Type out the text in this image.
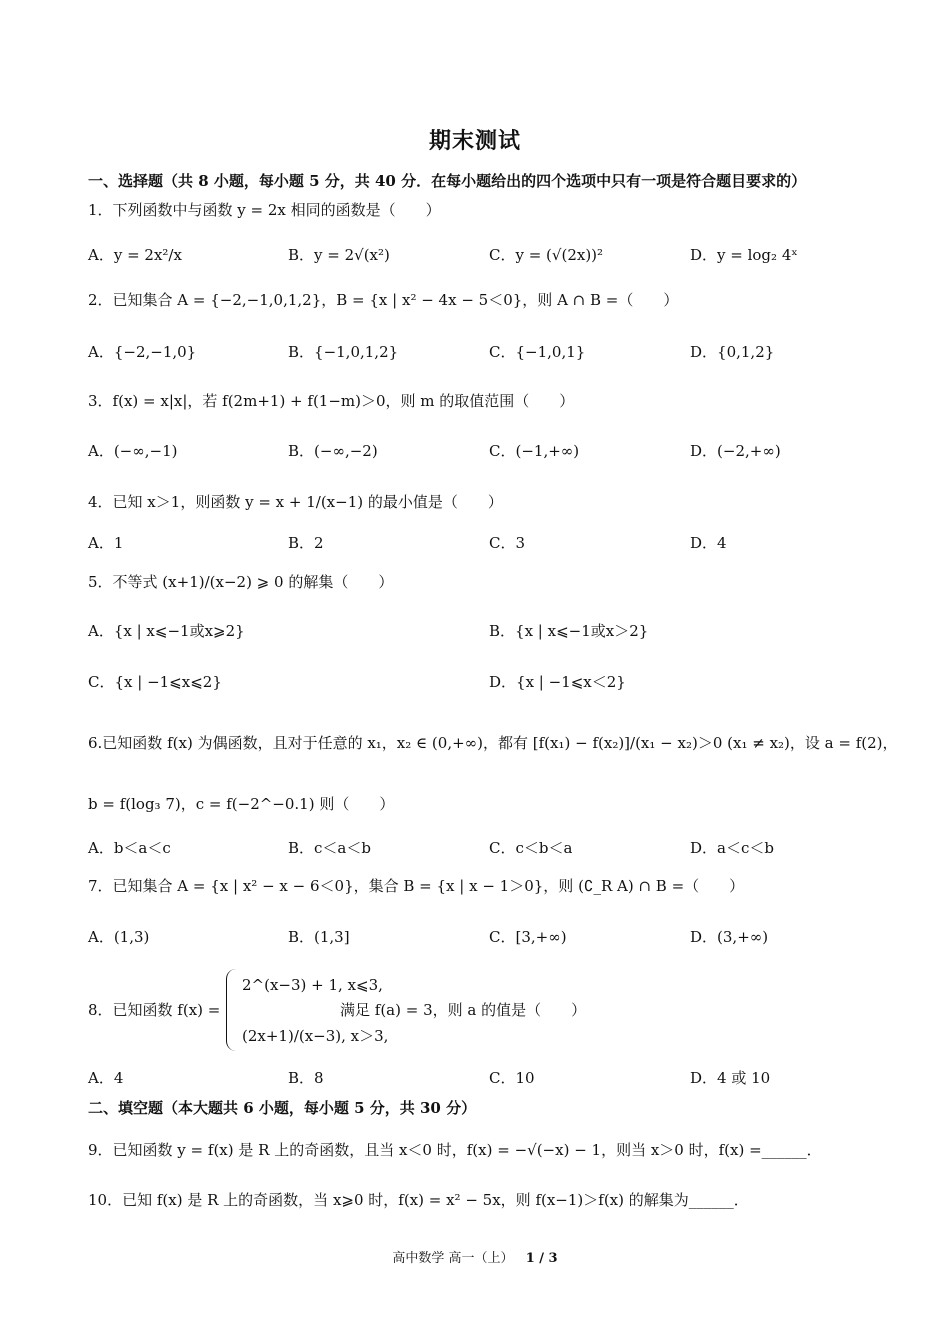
期末测试
一、选择题（共 8 小题，每小题 5 分，共 40 分．在每小题给出的四个选项中只有一项是符合题目要求的）
1．下列函数中与函数 y = 2x 相同的函数是（　　）
A．y = 2x²/x	B．y = 2√(x²)	C．y = (√(2x))²	D．y = log₂ 4ˣ
2．已知集合 A = {−2,−1,0,1,2}，B = {x | x² − 4x − 5＜0}，则 A ∩ B =（　　）
A．{−2,−1,0}	B．{−1,0,1,2}	C．{−1,0,1}	D．{0,1,2}
3．f(x) = x|x|，若 f(2m+1) + f(1−m)＞0，则 m 的取值范围（　　）
A．(−∞,−1)	B．(−∞,−2)	C．(−1,+∞)	D．(−2,+∞)
4．已知 x＞1，则函数 y = x + 1/(x−1) 的最小值是（　　）
A．1	B．2	C．3	D．4
5．不等式 (x+1)/(x−2) ⩾ 0 的解集（　　）
A．{x | x⩽−1或x⩾2}	B．{x | x⩽−1或x＞2}
C．{x | −1⩽x⩽2}	D．{x | −1⩽x＜2}
6.已知函数 f(x) 为偶函数，且对于任意的 x₁，x₂ ∈ (0,+∞)，都有 [f(x₁) − f(x₂)]/(x₁ − x₂)＞0 (x₁ ≠ x₂)，设 a = f(2)，
b = f(log₃ 7)，c = f(−2^−0.1) 则（　　）
A．b＜a＜c	B．c＜a＜b	C．c＜b＜a	D．a＜c＜b
7．已知集合 A = {x | x² − x − 6＜0}，集合 B = {x | x − 1＞0}，则 (∁_R A) ∩ B =（　　）
A．(1,3)	B．(1,3]	C．[3,+∞)	D．(3,+∞)
8．已知函数 f(x) =
2^(x−3) + 1, x⩽3,
(2x+1)/(x−3), x＞3,
满足 f(a) = 3，则 a 的值是（　　）
A．4	B．8	C．10	D．4 或 10
二、填空题（本大题共 6 小题，每小题 5 分，共 30 分）
9．已知函数 y = f(x) 是 R 上的奇函数，且当 x＜0 时，f(x) = −√(−x) − 1，则当 x＞0 时，f(x) =______．
10．已知 f(x) 是 R 上的奇函数，当 x⩾0 时，f(x) = x² − 5x，则 f(x−1)＞f(x) 的解集为______．
高中数学 高一（上） 1 / 3
